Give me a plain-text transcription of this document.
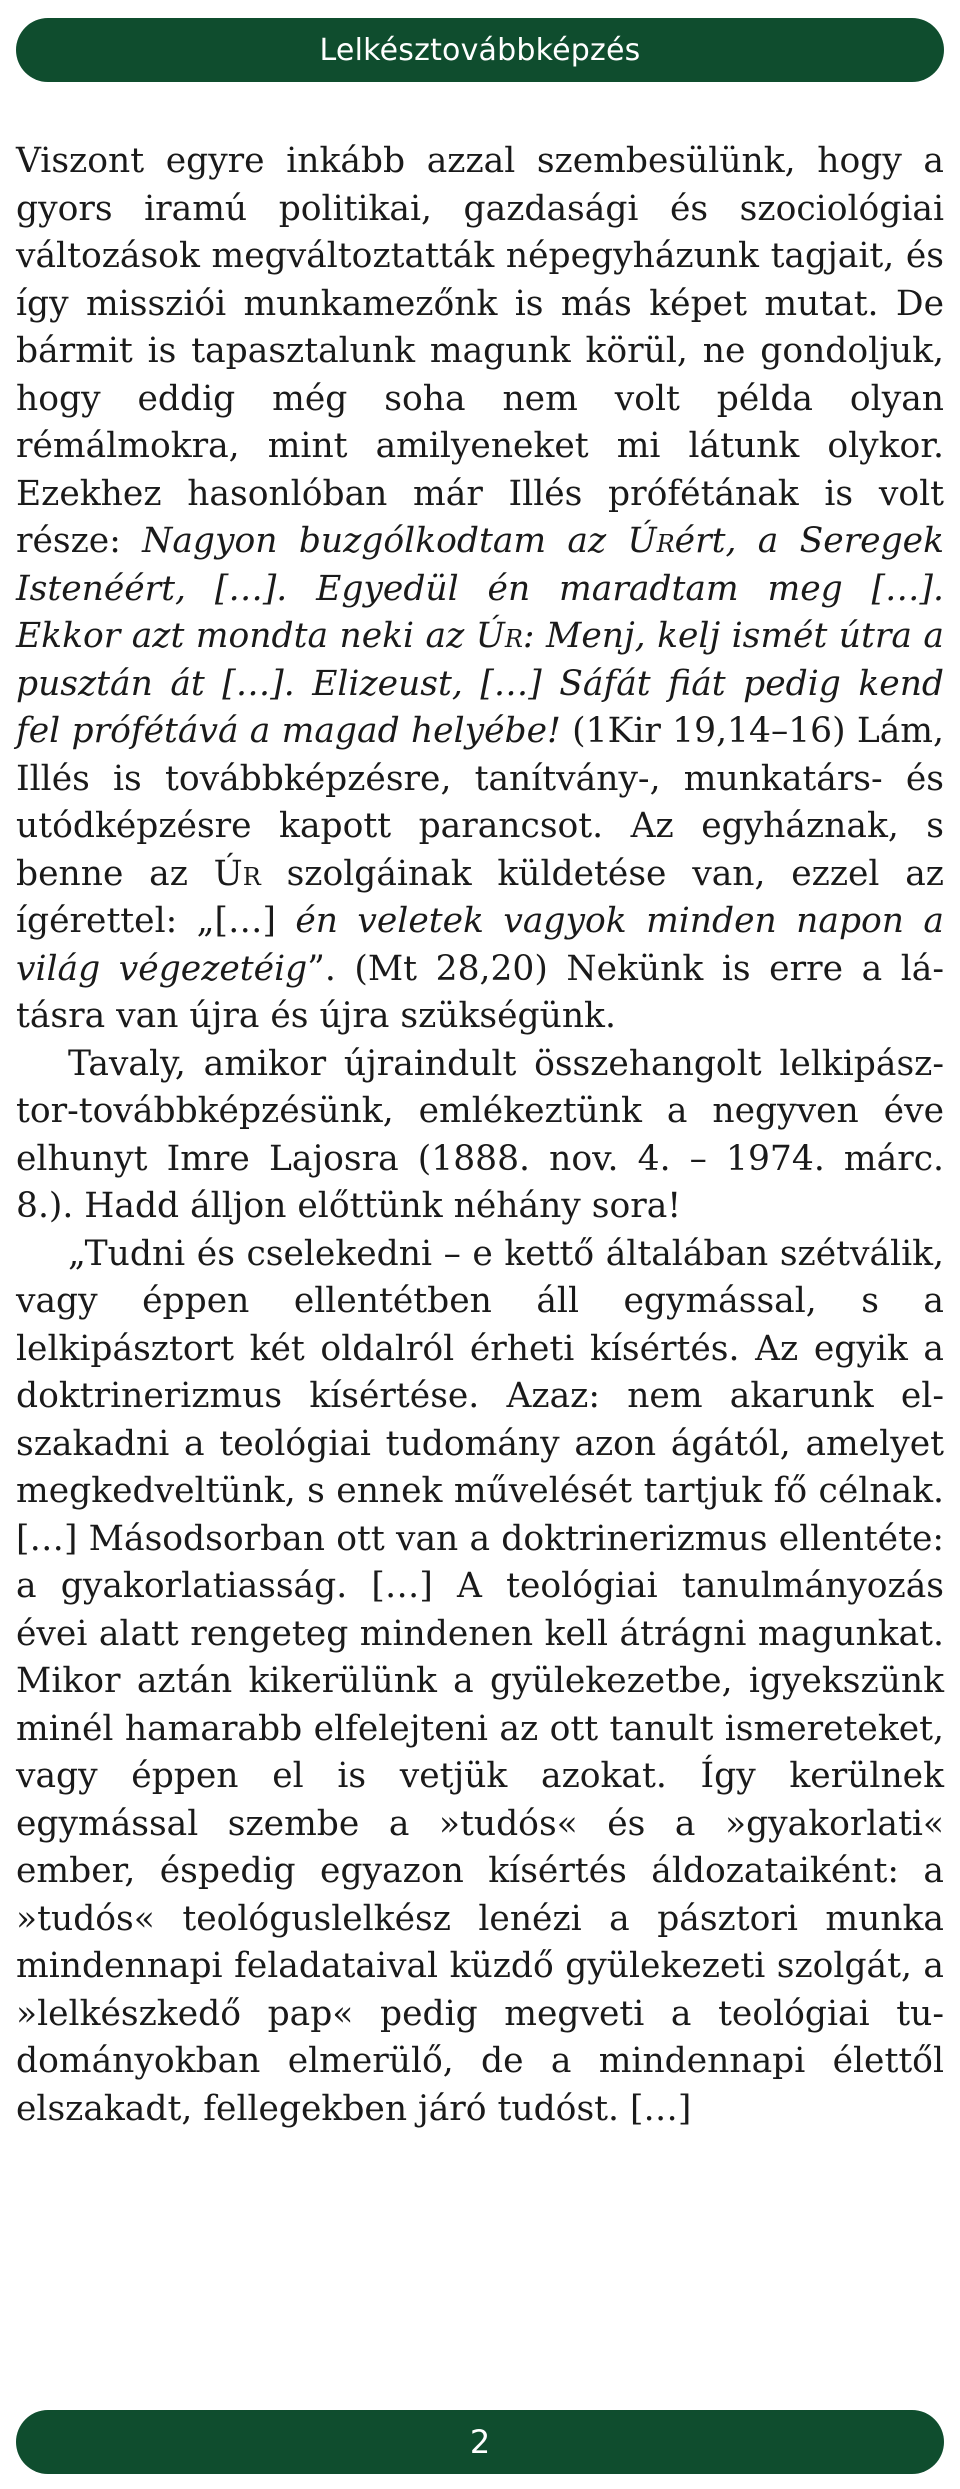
Lelkésztovábbképzés

Viszont egyre inkább azzal szembesülünk, hogy a gyors iramú politikai, gazdasági és szociológiai változások megváltoztatták népegyházunk tagjait, és így missziói munkamezőnk is más képet mutat. De bármit is tapasztalunk magunk körül, ne gondoljuk, hogy eddig még soha nem volt példa olyan rémálmokra, mint amilyeneket mi látunk olykor. Ezekhez hasonlóban már Illés prófétának is volt része: Nagyon buzgólkodtam az Úrért, a Seregek Istenéért, […]. Egyedül én maradtam meg […]. Ekkor azt mondta neki az Úr: Menj, kelj ismét útra a pusztán át […]. Elizeust, […] Sáfát fiát pedig kend fel prófétává a magad helyébe! (1Kir 19,14–16) Lám, Illés is továbbképzésre, tanítvány-, munkatárs- és utódképzésre kapott parancsot. Az egyháznak, s benne az Úr szolgáinak küldetése van, ezzel az ígérettel: „[…] én veletek vagyok minden napon a világ végezetéig”. (Mt 28,20) Nekünk is erre a látásra van újra és újra szükségünk.

Tavaly, amikor újraindult összehangolt lelkipásztor-továbbképzésünk, emlékeztünk a negyven éve elhunyt Imre Lajosra (1888. nov. 4. – 1974. márc. 8.). Hadd álljon előttünk néhány sora!

„Tudni és cselekedni – e kettő általában szétválik, vagy éppen ellentétben áll egymással, s a lelkipásztort két oldalról érheti kísértés. Az egyik a doktrinerizmus kísértése. Azaz: nem akarunk elszakadni a teológiai tudomány azon ágától, amelyet megkedveltünk, s ennek művelését tartjuk fő célnak. […] Másodsorban ott van a doktrinerizmus ellentéte: a gyakorlatiasság. […] A teológiai tanulmányozás évei alatt rengeteg mindenen kell átrágni magunkat. Mikor aztán kikerülünk a gyülekezetbe, igyekszünk minél hamarabb elfelejteni az ott tanult ismereteket, vagy éppen el is vetjük azokat. Így kerülnek egymással szembe a »tudós« és a »gyakorlati« ember, éspedig egyazon kísértés áldozataiként: a »tudós« teológuslelkész lenézi a pásztori munka mindennapi feladataival küzdő gyülekezeti szolgát, a »lelkészkedő pap« pedig megveti a teológiai tudományokban elmerülő, de a mindennapi élettől elszakadt, fellegekben járó tudóst. […]

2
